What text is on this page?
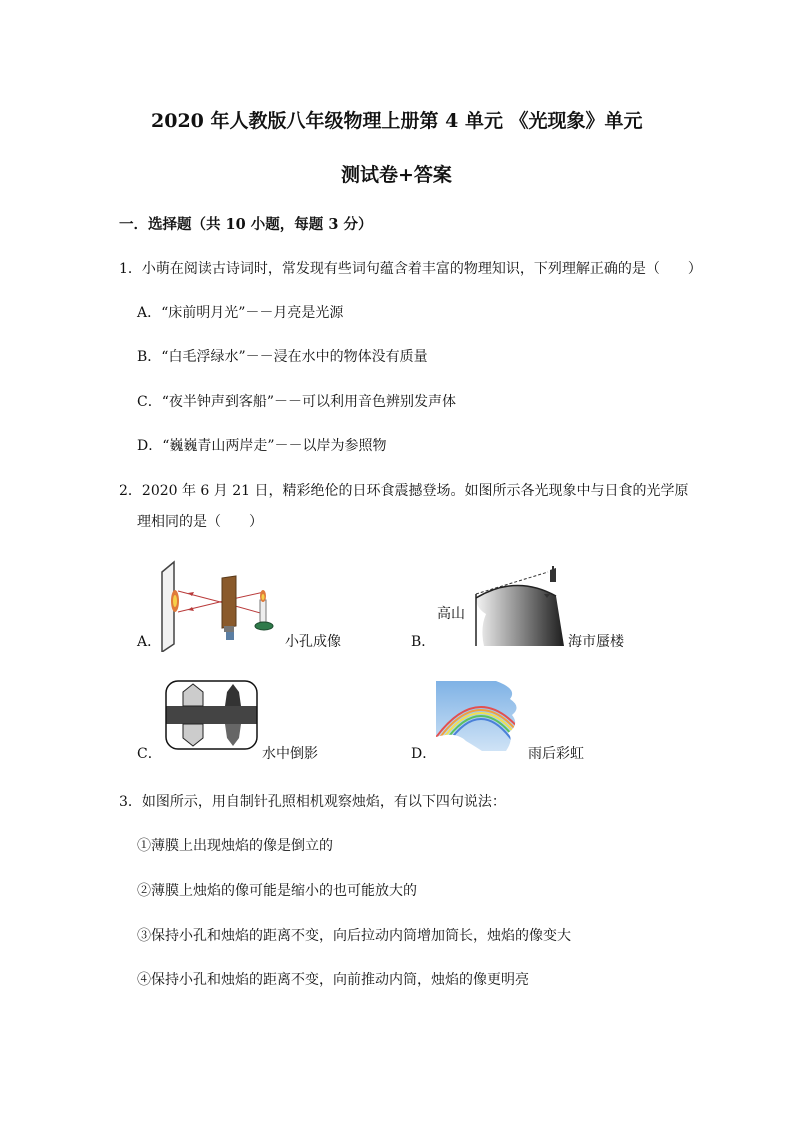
2020 年人教版八年级物理上册第 4 单元 《光现象》单元
测试卷+答案
一．选择题（共 10 小题，每题 3 分）
1．小萌在阅读古诗词时，常发现有些词句蕴含着丰富的物理知识，下列理解正确的是（　　）
A．“床前明月光”－－月亮是光源
B．“白毛浮绿水”－－浸在水中的物体没有质量
C．“夜半钟声到客船”－－可以利用音色辨别发声体
D．“巍巍青山两岸走”－－以岸为参照物
2．2020 年 6 月 21 日，精彩绝伦的日环食震撼登场。如图所示各光现象中与日食的光学原
理相同的是（　　）
A．	小孔成像	B．
高山
海市蜃楼
C．	水中倒影	D．	雨后彩虹
3．如图所示，用自制针孔照相机观察烛焰，有以下四句说法：
①薄膜上出现烛焰的像是倒立的
②薄膜上烛焰的像可能是缩小的也可能放大的
③保持小孔和烛焰的距离不变，向后拉动内筒增加筒长，烛焰的像变大
④保持小孔和烛焰的距离不变，向前推动内筒，烛焰的像更明亮
